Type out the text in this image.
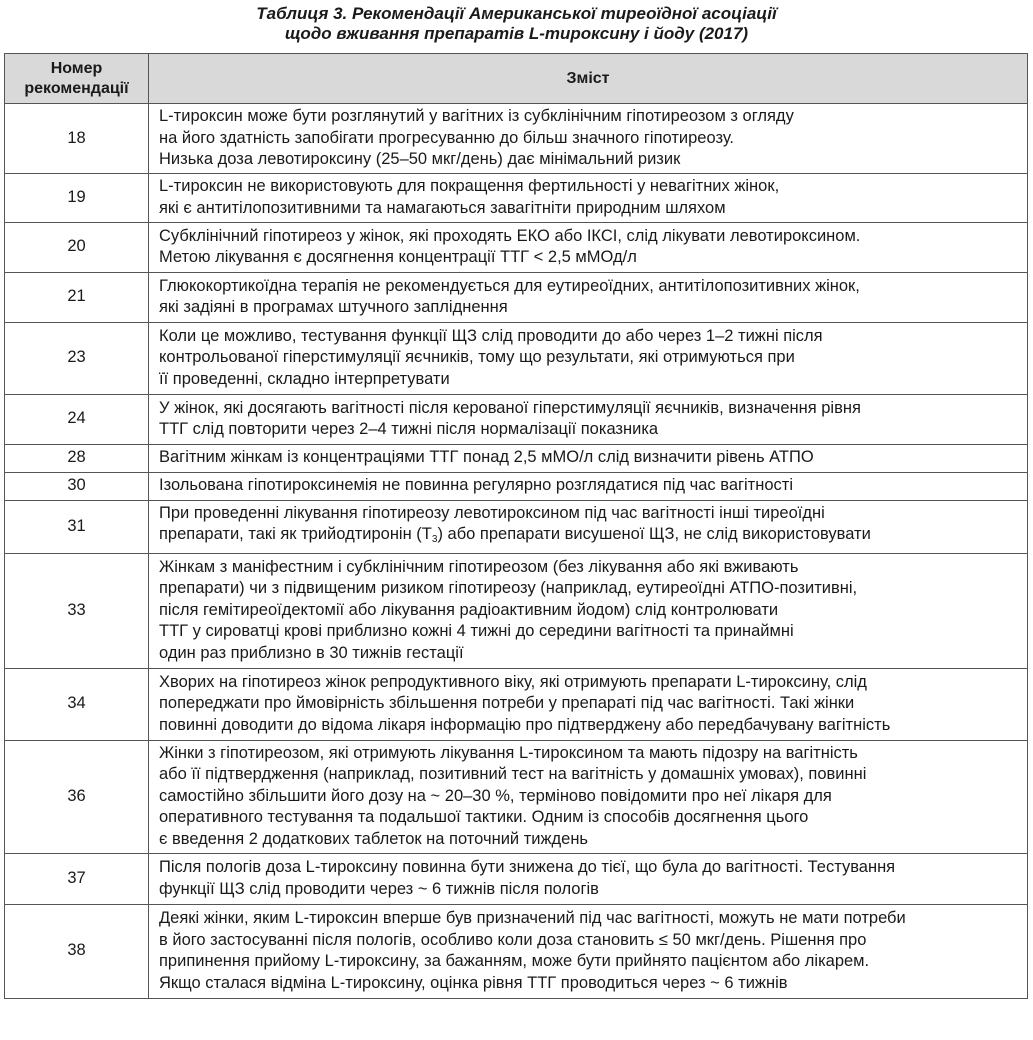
Таблиця 3. Рекомендації Американської тиреоїдної асоціації
щодо вживання препаратів L-тироксину і йоду (2017)
Номер
рекомендації	Зміст
18	L-тироксин може бути розглянутий у вагітних із субклінічним гіпотиреозом з огляду
на його здатність запобігати прогресуванню до більш значного гіпотиреозу.
Низька доза левотироксину (25–50 мкг/день) дає мінімальний ризик
19	L-тироксин не використовують для покращення фертильності у невагітних жінок,
які є антитілопозитивними та намагаються завагітніти природним шляхом
20	Субклінічний гіпотиреоз у жінок, які проходять ЕКО або ІКСІ, слід лікувати левотироксином.
Метою лікування є досягнення концентрації ТТГ < 2,5 мМОд/л
21	Глюкокортикоїдна терапія не рекомендується для еутиреоїдних, антитілопозитивних жінок,
які задіяні в програмах штучного запліднення
23	Коли це можливо, тестування функції ЩЗ слід проводити до або через 1–2 тижні після
контрольованої гіперстимуляції яєчників, тому що результати, які отримуються при
її проведенні, складно інтерпретувати
24	У жінок, які досягають вагітності після керованої гіперстимуляції яєчників, визначення рівня
ТТГ слід повторити через 2–4 тижні після нормалізації показника
28	Вагітним жінкам із концентраціями ТТГ понад 2,5 мМО/л слід визначити рівень АТПО
30	Ізольована гіпотироксинемія не повинна регулярно розглядатися під час вагітності
31	При проведенні лікування гіпотиреозу левотироксином під час вагітності інші тиреоїдні
препарати, такі як трийодтиронін $(Т_3)$ або препарати висушеної ЩЗ, не слід використовувати
33	Жінкам з маніфестним і субклінічним гіпотиреозом (без лікування або які вживають
препарати) чи з підвищеним ризиком гіпотиреозу (наприклад, еутиреоїдні АТПО-позитивні,
після гемітиреоїдектомії або лікування радіоактивним йодом) слід контролювати
ТТГ у сироватці крові приблизно кожні 4 тижні до середини вагітності та принаймні
один раз приблизно в 30 тижнів гестації
34	Хворих на гіпотиреоз жінок репродуктивного віку, які отримують препарати L-тироксину, слід
попереджати про ймовірність збільшення потреби у препараті під час вагітності. Такі жінки
повинні доводити до відома лікаря інформацію про підтверджену або передбачувану вагітність
36	Жінки з гіпотиреозом, які отримують лікування L-тироксином та мають підозру на вагітність
або її підтвердження (наприклад, позитивний тест на вагітність у домашніх умовах), повинні
самостійно збільшити його дозу на ~ 20–30 %, терміново повідомити про неї лікаря для
оперативного тестування та подальшої тактики. Одним із способів досягнення цього
є введення 2 додаткових таблеток на поточний тиждень
37	Після пологів доза L-тироксину повинна бути знижена до тієї, що була до вагітності. Тестування
функції ЩЗ слід проводити через ~ 6 тижнів після пологів
38	Деякі жінки, яким L-тироксин вперше був призначений під час вагітності, можуть не мати потреби
в його застосуванні після пологів, особливо коли доза становить ≤ 50 мкг/день. Рішення про
припинення прийому L-тироксину, за бажанням, може бути прийнято пацієнтом або лікарем.
Якщо сталася відміна L-тироксину, оцінка рівня ТТГ проводиться через ~ 6 тижнів
